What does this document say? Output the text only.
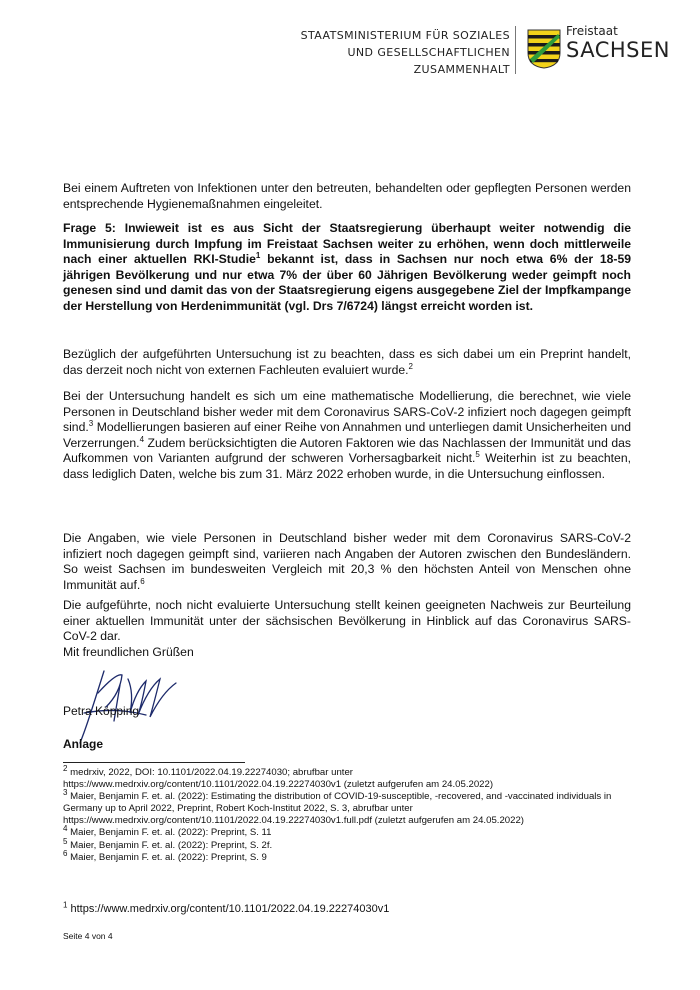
STAATSMINISTERIUM FÜR SOZIALES
UND GESELLSCHAFTLICHEN
ZUSAMMENHALT
Freistaat
SACHSEN

Bei einem Auftreten von Infektionen unter den betreuten, behandelten oder gepflegten Personen werden entsprechende Hygienemaßnahmen eingeleitet.

Frage 5: Inwieweit ist es aus Sicht der Staatsregierung überhaupt weiter notwendig die Immunisierung durch Impfung im Freistaat Sachsen weiter zu erhöhen, wenn doch mittlerweile nach einer aktuellen RKI-Studie$^1$ bekannt ist, dass in Sachsen nur noch etwa 6% der 18-59 jährigen Bevölkerung und nur etwa 7% der über 60 Jährigen Bevölkerung weder geimpft noch genesen sind und damit das von der Staatsregierung eigens ausgegebene Ziel der Impfkampange der Herstellung von Herdenimmunität (vgl. Drs 7/6724) längst erreicht worden ist.

Bezüglich der aufgeführten Untersuchung ist zu beachten, dass es sich dabei um ein Preprint handelt, das derzeit noch nicht von externen Fachleuten evaluiert wurde.$^2$

Bei der Untersuchung handelt es sich um eine mathematische Modellierung, die berechnet, wie viele Personen in Deutschland bisher weder mit dem Coronavirus SARS-CoV-2 infiziert noch dagegen geimpft sind.$^3$ Modellierungen basieren auf einer Reihe von Annahmen und unterliegen damit Unsicherheiten und Verzerrungen.$^4$ Zudem berücksichtigten die Autoren Faktoren wie das Nachlassen der Immunität und das Aufkommen von Varianten aufgrund der schweren Vorhersagbarkeit nicht.$^5$ Weiterhin ist zu beachten, dass lediglich Daten, welche bis zum 31. März 2022 erhoben wurde, in die Untersuchung einflossen.

Die Angaben, wie viele Personen in Deutschland bisher weder mit dem Coronavirus SARS-CoV-2 infiziert noch dagegen geimpft sind, variieren nach Angaben der Autoren zwischen den Bundesländern. So weist Sachsen im bundesweiten Vergleich mit 20,3 % den höchsten Anteil von Menschen ohne Immunität auf.$^6$

Die aufgeführte, noch nicht evaluierte Untersuchung stellt keinen geeigneten Nachweis zur Beurteilung einer aktuellen Immunität unter der sächsischen Bevölkerung in Hinblick auf das Coronavirus SARS-CoV-2 dar.

Mit freundlichen Grüßen
Petra Köpping
Anlage
$^2$ medrxiv, 2022, DOI: 10.1101/2022.04.19.22274030; abrufbar unter https://www.medrxiv.org/content/10.1101/2022.04.19.22274030v1 (zuletzt aufgerufen am 24.05.2022)
$^3$ Maier, Benjamin F. et. al. (2022): Estimating the distribution of COVID-19-susceptible, -recovered, and -vaccinated individuals in Germany up to April 2022, Preprint, Robert Koch-Institut 2022, S. 3, abrufbar unter https://www.medrxiv.org/content/10.1101/2022.04.19.22274030v1.full.pdf (zuletzt aufgerufen am 24.05.2022)
$^4$ Maier, Benjamin F. et. al. (2022): Preprint, S. 11
$^5$ Maier, Benjamin F. et. al. (2022): Preprint, S. 2f.
$^6$ Maier, Benjamin F. et. al. (2022): Preprint, S. 9
$^1$ https://www.medrxiv.org/content/10.1101/2022.04.19.22274030v1
Seite 4 von 4
